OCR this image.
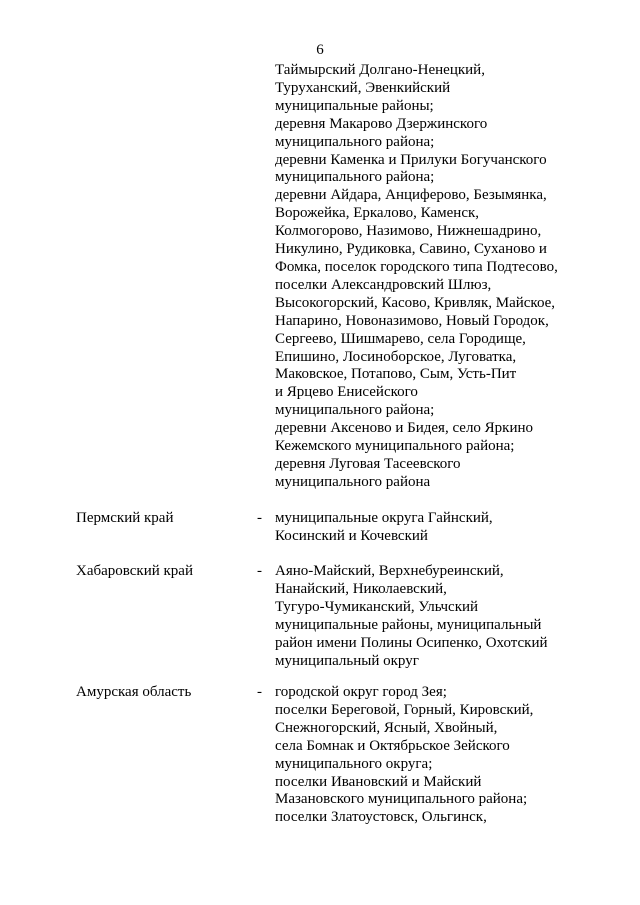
6
Таймырский Долгано-Ненецкий,
Туруханский, Эвенкийский
муниципальные районы;
деревня Макарово Дзержинского
муниципального района;
деревни Каменка и Прилуки Богучанского
муниципального района;
деревни Айдара, Анциферово, Безымянка,
Ворожейка, Еркалово, Каменск,
Колмогорово, Назимово, Нижнешадрино,
Никулино, Рудиковка, Савино, Суханово и
Фомка, поселок городского типа Подтесово,
поселки Александровский Шлюз,
Высокогорский, Касово, Кривляк, Майское,
Напарино, Новоназимово, Новый Городок,
Сергеево, Шишмарево, села Городище,
Епишино, Лосиноборское, Луговатка,
Маковское, Потапово, Сым, Усть-Пит
и Ярцево Енисейского
муниципального района;
деревни Аксеново и Бидея, село Яркино
Кежемского муниципального района;
деревня Луговая Тасеевского
муниципального района
Пермский край	- муниципальные округа Гайнский,
Косинский и Кочевский
Хабаровский край	- Аяно-Майский, Верхнебуреинский,
Нанайский, Николаевский,
Тугуро-Чумиканский, Ульчский
муниципальные районы, муниципальный
район имени Полины Осипенко, Охотский
муниципальный округ
Амурская область	- городской округ город Зея;
поселки Береговой, Горный, Кировский,
Снежногорский, Ясный, Хвойный,
села Бомнак и Октябрьское Зейского
муниципального округа;
поселки Ивановский и Майский
Мазановского муниципального района;
поселки Златоустовск, Ольгинск,
